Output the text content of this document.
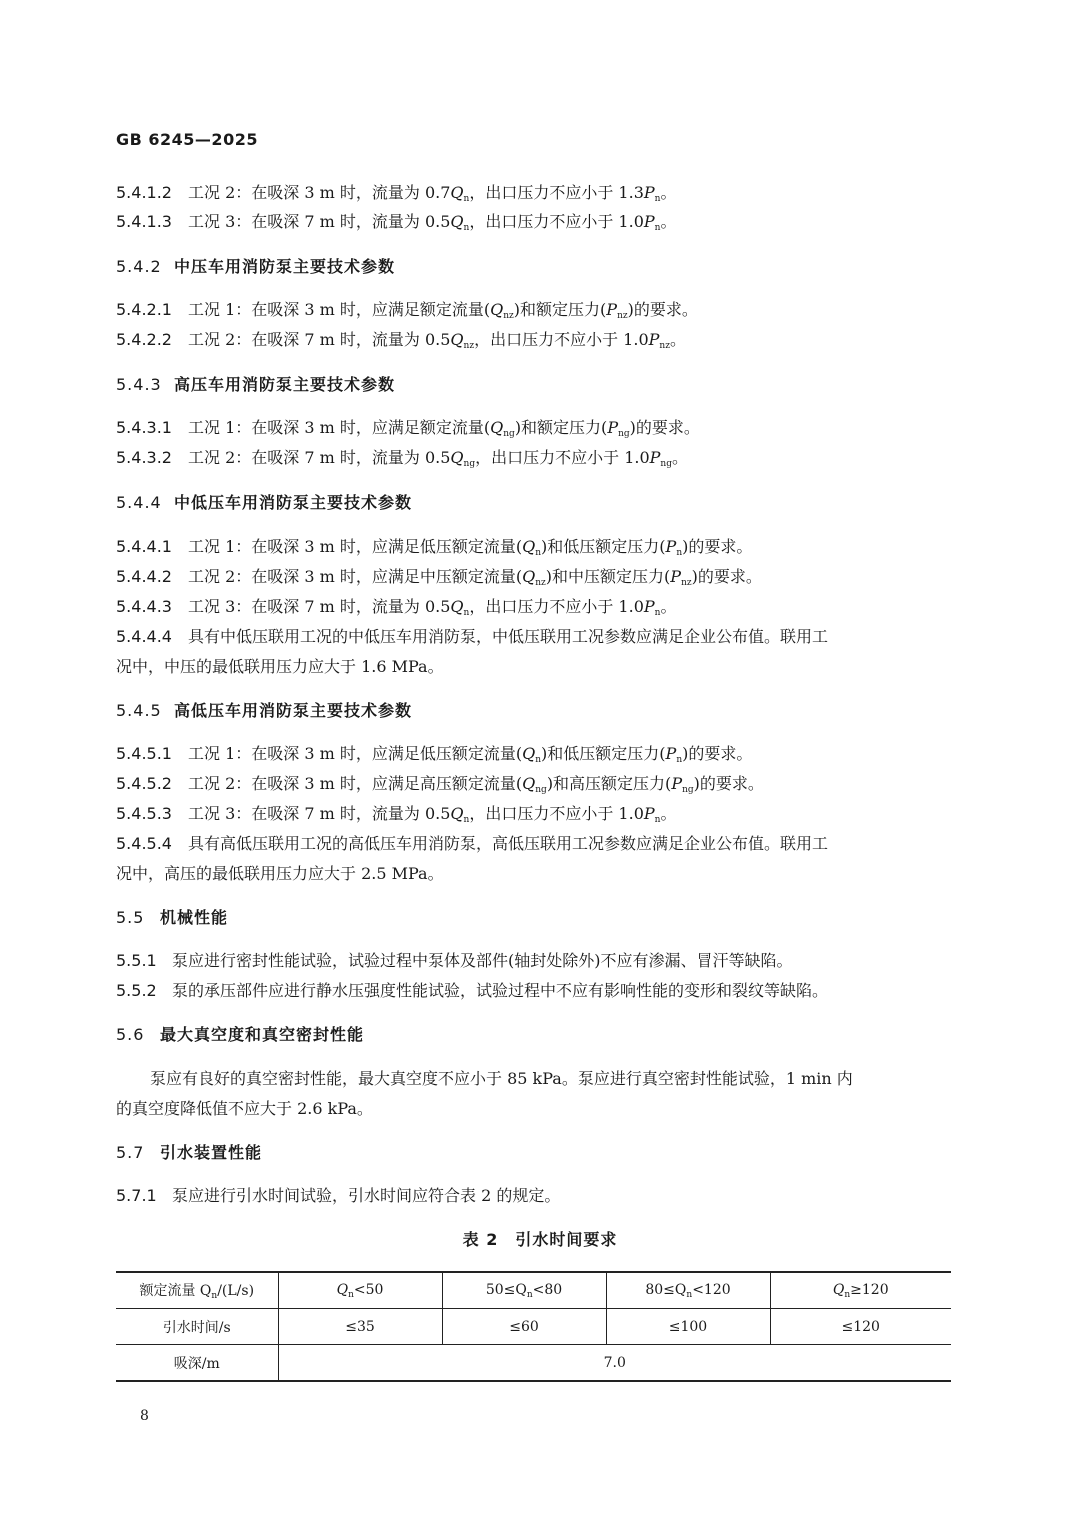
GB 6245—2025
5.4.1.2 工况 2：在吸深 3 m 时，流量为 $0.7Q_n$，出口压力不应小于 $1.3P_n$。
5.4.1.3 工况 3：在吸深 7 m 时，流量为 $0.5Q_n$，出口压力不应小于 $1.0P_n$。
5.4.2 中压车用消防泵主要技术参数
5.4.2.1 工况 1：在吸深 3 m 时，应满足额定流量$(Q_{nz})$和额定压力$(P_{nz})$的要求。
5.4.2.2 工况 2：在吸深 7 m 时，流量为 $0.5Q_{nz}$，出口压力不应小于 $1.0P_{nz}$。
5.4.3 高压车用消防泵主要技术参数
5.4.3.1 工况 1：在吸深 3 m 时，应满足额定流量$(Q_{ng})$和额定压力$(P_{ng})$的要求。
5.4.3.2 工况 2：在吸深 7 m 时，流量为 $0.5Q_{ng}$，出口压力不应小于 $1.0P_{ng}$。
5.4.4 中低压车用消防泵主要技术参数
5.4.4.1 工况 1：在吸深 3 m 时，应满足低压额定流量$(Q_n)$和低压额定压力$(P_n)$的要求。
5.4.4.2 工况 2：在吸深 3 m 时，应满足中压额定流量$(Q_{nz})$和中压额定压力$(P_{nz})$的要求。
5.4.4.3 工况 3：在吸深 7 m 时，流量为 $0.5Q_n$，出口压力不应小于 $1.0P_n$。
5.4.4.4 具有中低压联用工况的中低压车用消防泵，中低压联用工况参数应满足企业公布值。联用工
况中，中压的最低联用压力应大于 1.6 MPa。
5.4.5 高低压车用消防泵主要技术参数
5.4.5.1 工况 1：在吸深 3 m 时，应满足低压额定流量$(Q_n)$和低压额定压力$(P_n)$的要求。
5.4.5.2 工况 2：在吸深 3 m 时，应满足高压额定流量$(Q_{ng})$和高压额定压力$(P_{ng})$的要求。
5.4.5.3 工况 3：在吸深 7 m 时，流量为 $0.5Q_n$，出口压力不应小于 $1.0P_n$。
5.4.5.4 具有高低压联用工况的高低压车用消防泵，高低压联用工况参数应满足企业公布值。联用工
况中，高压的最低联用压力应大于 2.5 MPa。
5.5 机械性能
5.5.1 泵应进行密封性能试验，试验过程中泵体及部件(轴封处除外)不应有渗漏、冒汗等缺陷。
5.5.2 泵的承压部件应进行静水压强度性能试验，试验过程中不应有影响性能的变形和裂纹等缺陷。
5.6 最大真空度和真空密封性能
泵应有良好的真空密封性能，最大真空度不应小于 85 kPa。泵应进行真空密封性能试验，1 min 内
的真空度降低值不应大于 2.6 kPa。
5.7 引水装置性能
5.7.1 泵应进行引水时间试验，引水时间应符合表 2 的规定。
表 2　引水时间要求
额定流量 $Q_n/(L/s)$	$Q_n<50$	$50\le Q_n<80$	$80\le Q_n<120$	$Q_n\ge 120$
引水时间/s	≤35	≤60	≤100	≤120
吸深/m	7.0			
8
